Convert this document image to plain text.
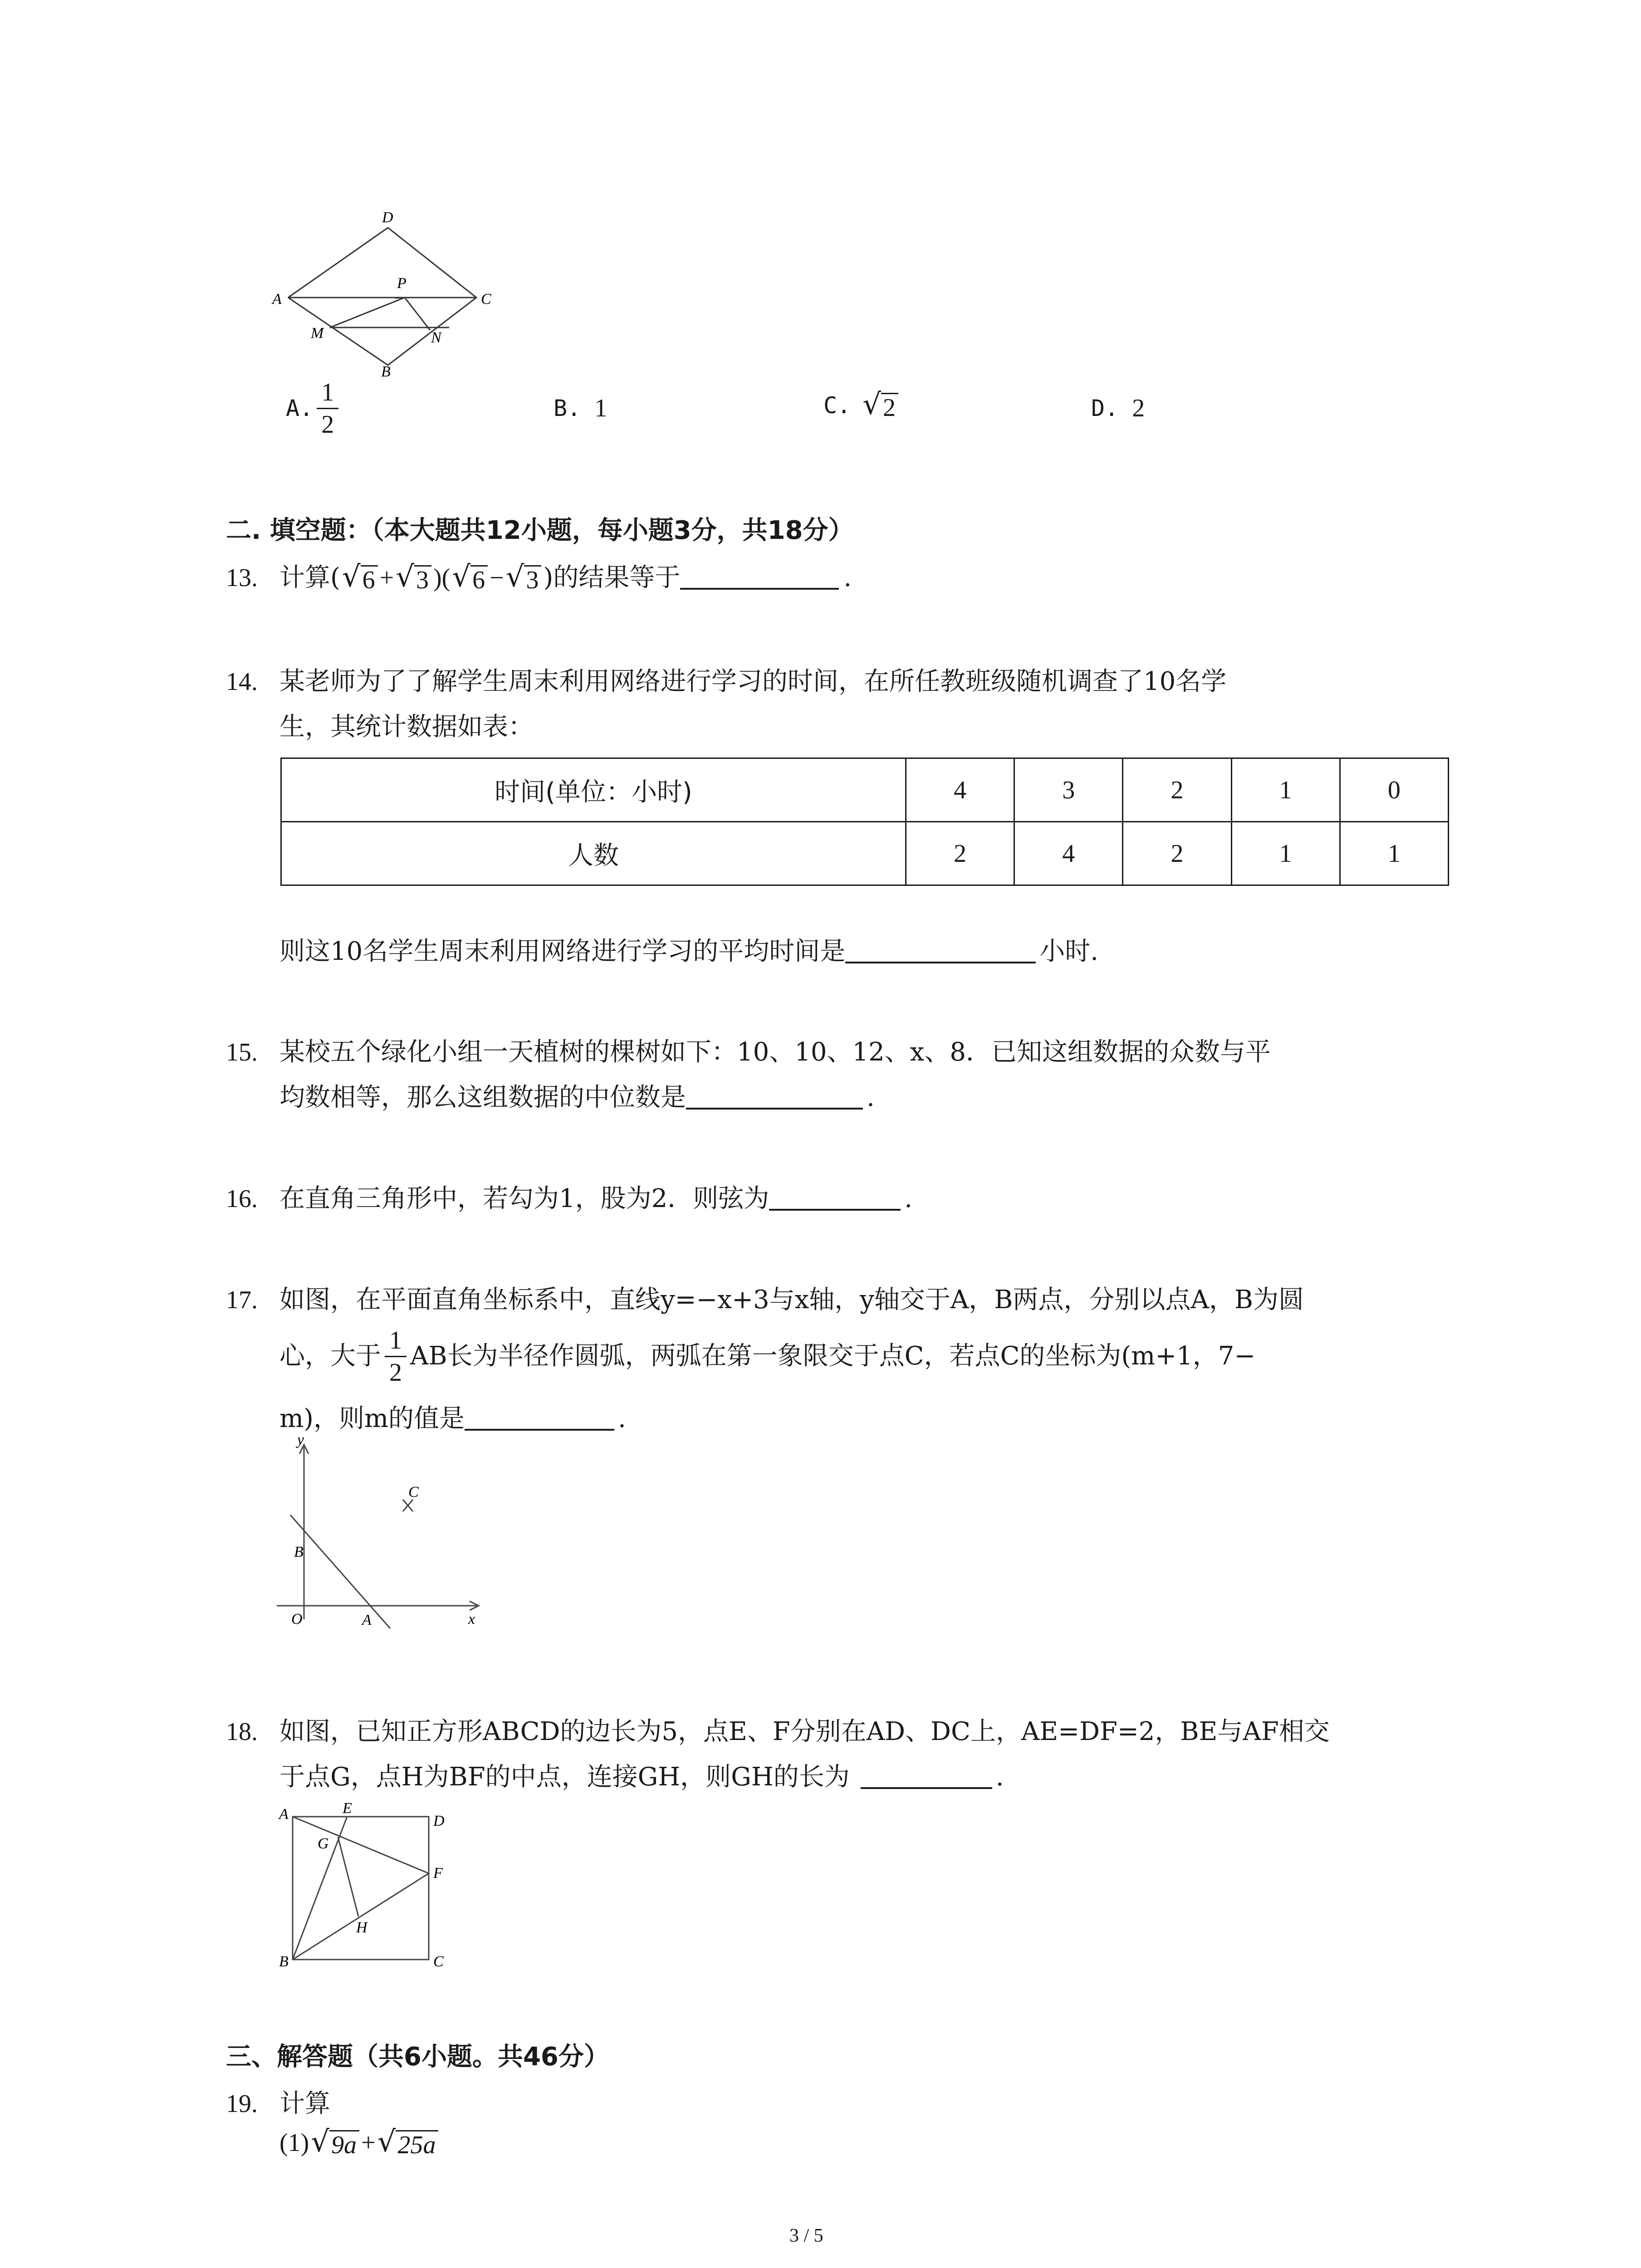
D
A
P
C
M	N
B
A. $\frac{1}{2}$	B. 1	C. √ 2	D. 2
二. 填空题：（本大题共12小题，每小题3分，共18分）
13. 计算( √ 6 + √ 3 )( √ 6 − √ 3 )的结果等于	.
14. 某老师为了了解学生周末利用网络进行学习的时间，在所任教班级随机调查了10名学
生，其统计数据如表：
时间(单位：小时)	4	3	2	1	0
人数	2	4	2	1	1
则这10名学生周末利用网络进行学习的平均时间是	小时.
15. 某校五个绿化小组一天植树的棵树如下：10、10、12、x、8．已知这组数据的众数与平
均数相等，那么这组数据的中位数是	.
16. 在直角三角形中，若勾为1，股为2．则弦为	.
17. 如图，在平面直角坐标系中，直线y=−x+3与x轴，y轴交于A，B两点，分别以点A，B为圆
心，大于 $\frac{1}{2}$ AB长为半径作圆弧，两弧在第一象限交于点C，若点C的坐标为(m+1，7−
m)，则m的值是	.
y
x
O	A
B
C
18. 如图，已知正方形ABCD的边长为5，点E、F分别在AD、DC上，AE=DF=2，BE与AF相交
于点G，点H为BF的中点，连接GH，则GH的长为	.
A	E
D
G
F
H
B	C
三、解答题（共6小题。共46分）
19. 计算
(1) √ 9a + √ 25a
3 / 5
